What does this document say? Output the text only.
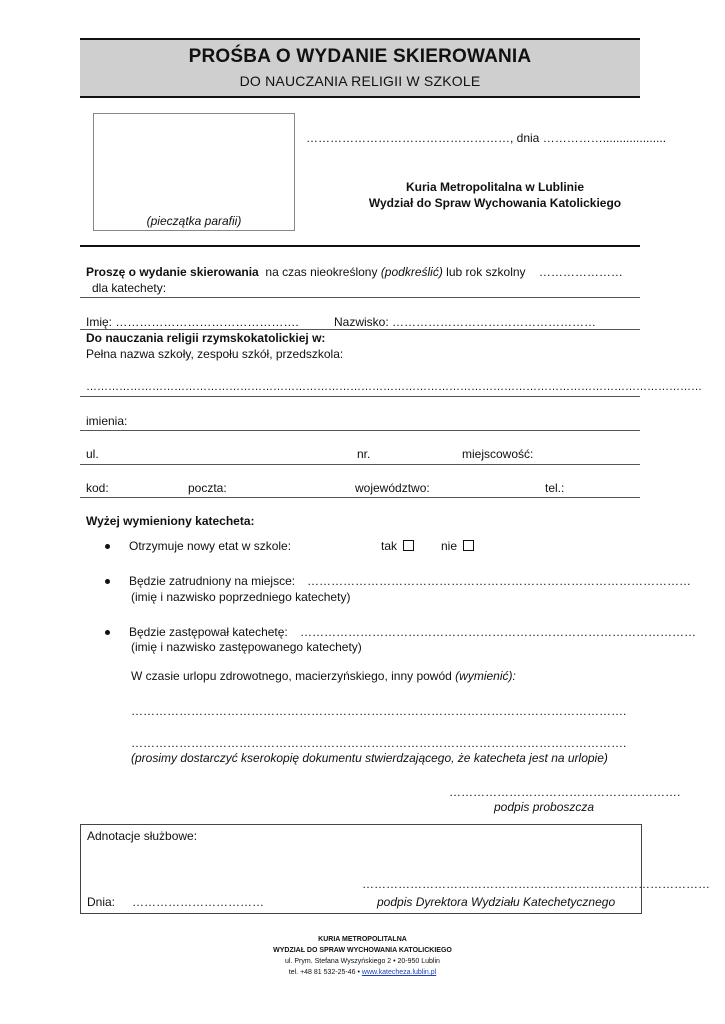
PROŚBA O WYDANIE SKIEROWANIA
DO NAUCZANIA RELIGII W SZKOLE
(pieczątka parafii)
……………………………………………, dnia ……………...................
Kuria Metropolitalna w Lublinie
Wydział do Spraw Wychowania Katolickiego
Proszę o wydanie skierowania na czas nieokreślony (podkreślić) lub rok szkolny …………………
dla katechety:
Imię: ……………………………………….	Nazwisko: ……………………………………………
Do nauczania religii rzymskokatolickiej w:
Pełna nazwa szkoły, zespołu szkół, przedszkola:
……………………………………………………………………………………………………………………………………………………
imienia:
ul.	nr.	miejscowość:
kod:	poczta:	województwo:	tel.:
Wyżej wymieniony katecheta:
Otrzymuje nowy etat w szkole:	tak	nie
Będzie zatrudniony na miejsce: ……………………………………………………………………………………
(imię i nazwisko poprzedniego katechety)
Będzie zastępował katechetę: ………………………………………………………………………………………
(imię i nazwisko zastępowanego katechety)
W czasie urlopu zdrowotnego, macierzyńskiego, inny powód (wymienić):
…………………………………………………………………………………………………………….
…………………………………………………………………………………………………………….
(prosimy dostarczyć kserokopię dokumentu stwierdzającego, że katecheta jest na urlopie)
………………………………………………….
podpis proboszcza
Adnotacje służbowe:
……………………………………………………………………………
Dnia: ……………………………	podpis Dyrektora Wydziału Katechetycznego
KURIA METROPOLITALNA
WYDZIAŁ DO SPRAW WYCHOWANIA KATOLICKIEGO
ul. Prym. Stefana Wyszyńskiego 2 • 20-950 Lublin
tel. +48 81 532-25-46 • www.katecheza.lublin.pl
